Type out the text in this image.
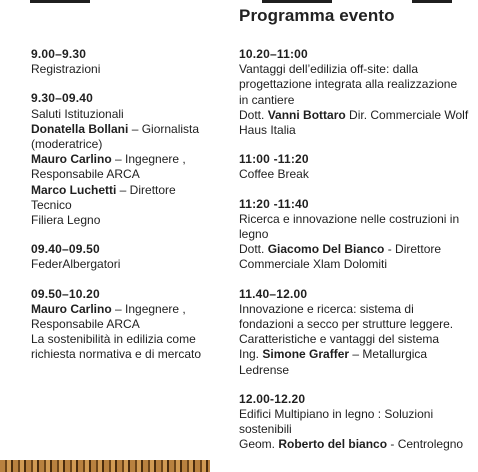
Programma evento
9.00–9.30
Registrazioni
9.30–09.40
Saluti Istituzionali
Donatella Bollani – Giornalista
(moderatrice)
Mauro Carlino – Ingegnere ,
Responsabile ARCA
Marco Luchetti – Direttore Tecnico
Filiera Legno
09.40–09.50
FederAlbergatori
09.50–10.20
Mauro Carlino – Ingegnere ,
Responsabile ARCA
La sostenibilità in edilizia come
richiesta normativa e di mercato
10.20–11:00
Vantaggi dell’edilizia off-site: dalla
progettazione integrata alla realizzazione
in cantiere
Dott. Vanni Bottaro Dir. Commerciale Wolf
Haus Italia
11:00 -11:20
Coffee Break
11:20 -11:40
Ricerca e innovazione nelle costruzioni in
legno
Dott. Giacomo Del Bianco - Direttore
Commerciale Xlam Dolomiti
11.40–12.00
Innovazione e ricerca: sistema di
fondazioni a secco per strutture leggere.
Caratteristiche e vantaggi del sistema
Ing. Simone Graffer – Metallurgica
Ledrense
12.00-12.20
Edifici Multipiano in legno : Soluzioni
sostenibili
Geom. Roberto del bianco - Centrolegno
